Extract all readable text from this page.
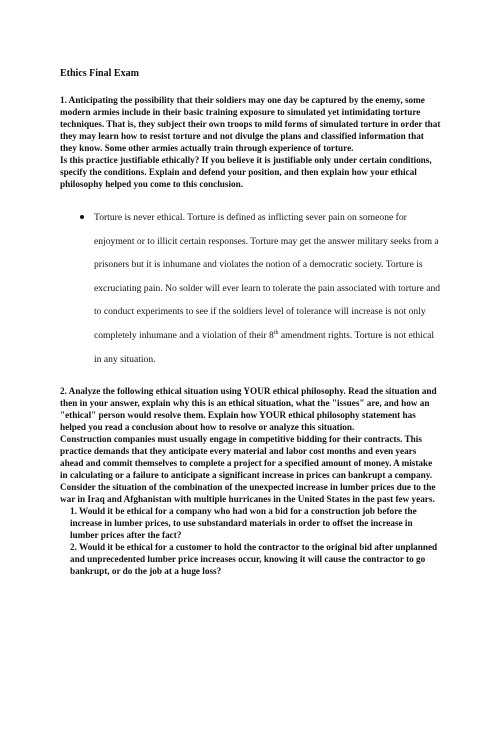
Ethics Final Exam
1. Anticipating the possibility that their soldiers may one day be captured by the enemy, some modern armies include in their basic training exposure to simulated yet intimidating torture techniques. That is, they subject their own troops to mild forms of simulated torture in order that they may learn how to resist torture and not divulge the plans and classified information that they know. Some other armies actually train through experience of torture.
Is this practice justifiable ethically? If you believe it is justifiable only under certain conditions, specify the conditions. Explain and defend your position, and then explain how your ethical philosophy helped you come to this conclusion.
Torture is never ethical. Torture is defined as inflicting sever pain on someone for enjoyment or to illicit certain responses. Torture may get the answer military seeks from a prisoners but it is inhumane and violates the notion of a democratic society. Torture is excruciating pain. No solder will ever learn to tolerate the pain associated with torture and to conduct experiments to see if the soldiers level of tolerance will increase is not only completely inhumane and a violation of their 8th amendment rights. Torture is not ethical in any situation.
2. Analyze the following ethical situation using YOUR ethical philosophy. Read the situation and then in your answer, explain why this is an ethical situation, what the "issues" are, and how an "ethical" person would resolve them. Explain how YOUR ethical philosophy statement has helped you read a conclusion about how to resolve or analyze this situation.
Construction companies must usually engage in competitive bidding for their contracts. This practice demands that they anticipate every material and labor cost months and even years ahead and commit themselves to complete a project for a specified amount of money. A mistake in calculating or a failure to anticipate a significant increase in prices can bankrupt a company.
Consider the situation of the combination of the unexpected increase in lumber prices due to the war in Iraq and Afghanistan with multiple hurricanes in the United States in the past few years.
1. Would it be ethical for a company who had won a bid for a construction job before the increase in lumber prices, to use substandard materials in order to offset the increase in lumber prices after the fact?
2. Would it be ethical for a customer to hold the contractor to the original bid after unplanned and unprecedented lumber price increases occur, knowing it will cause the contractor to go bankrupt, or do the job at a huge loss?
